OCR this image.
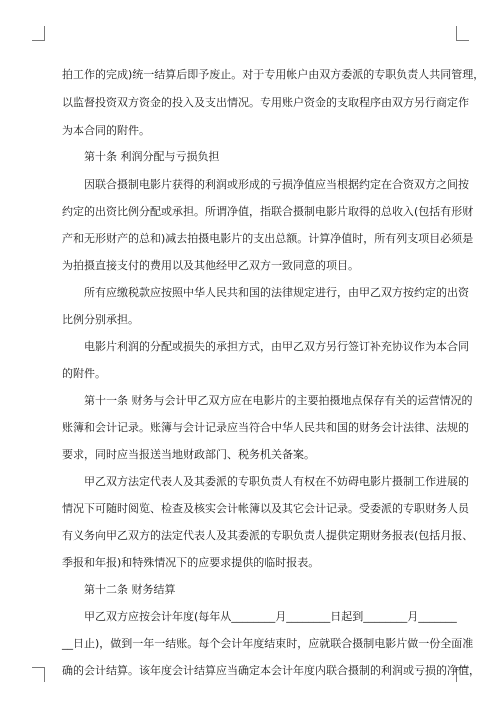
拍工作的完成)统一结算后即予废止。对于专用帐户由双方委派的专职负责人共同管理，
以监督投资双方资金的投入及支出情况。专用账户资金的支取程序由双方另行商定作
为本合同的附件。
第十条 利润分配与亏损负担
因联合摄制电影片获得的利润或形成的亏损净值应当根据约定在合资双方之间按
约定的出资比例分配或承担。所谓净值，指联合摄制电影片取得的总收入(包括有形财
产和无形财产的总和)减去拍摄电影片的支出总额。计算净值时，所有列支项目必须是
为拍摄直接支付的费用以及其他经甲乙双方一致同意的项目。
所有应缴税款应按照中华人民共和国的法律规定进行，由甲乙双方按约定的出资
比例分别承担。
电影片利润的分配或损失的承担方式，由甲乙双方另行签订补充协议作为本合同
的附件。
第十一条 财务与会计甲乙双方应在电影片的主要拍摄地点保存有关的运营情况的
账簿和会计记录。账簿与会计记录应当符合中华人民共和国的财务会计法律、法规的
要求，同时应当报送当地财政部门、税务机关备案。
甲乙双方法定代表人及其委派的专职负责人有权在不妨碍电影片摄制工作进展的
情况下可随时阅览、检查及核实会计帐簿以及其它会计记录。受委派的专职财务人员
有义务向甲乙双方的法定代表人及其委派的专职负责人提供定期财务报表(包括月报、
季报和年报)和特殊情况下的应要求提供的临时报表。
第十二条 财务结算
甲乙双方应按会计年度(每年从________月________日起到________月_______
__日止)，做到一年一结账。每个会计年度结束时，应就联合摄制电影片做一份全面准
确的会计结算。该年度会计结算应当确定本会计年度内联合摄制的利润或亏损的净值，
